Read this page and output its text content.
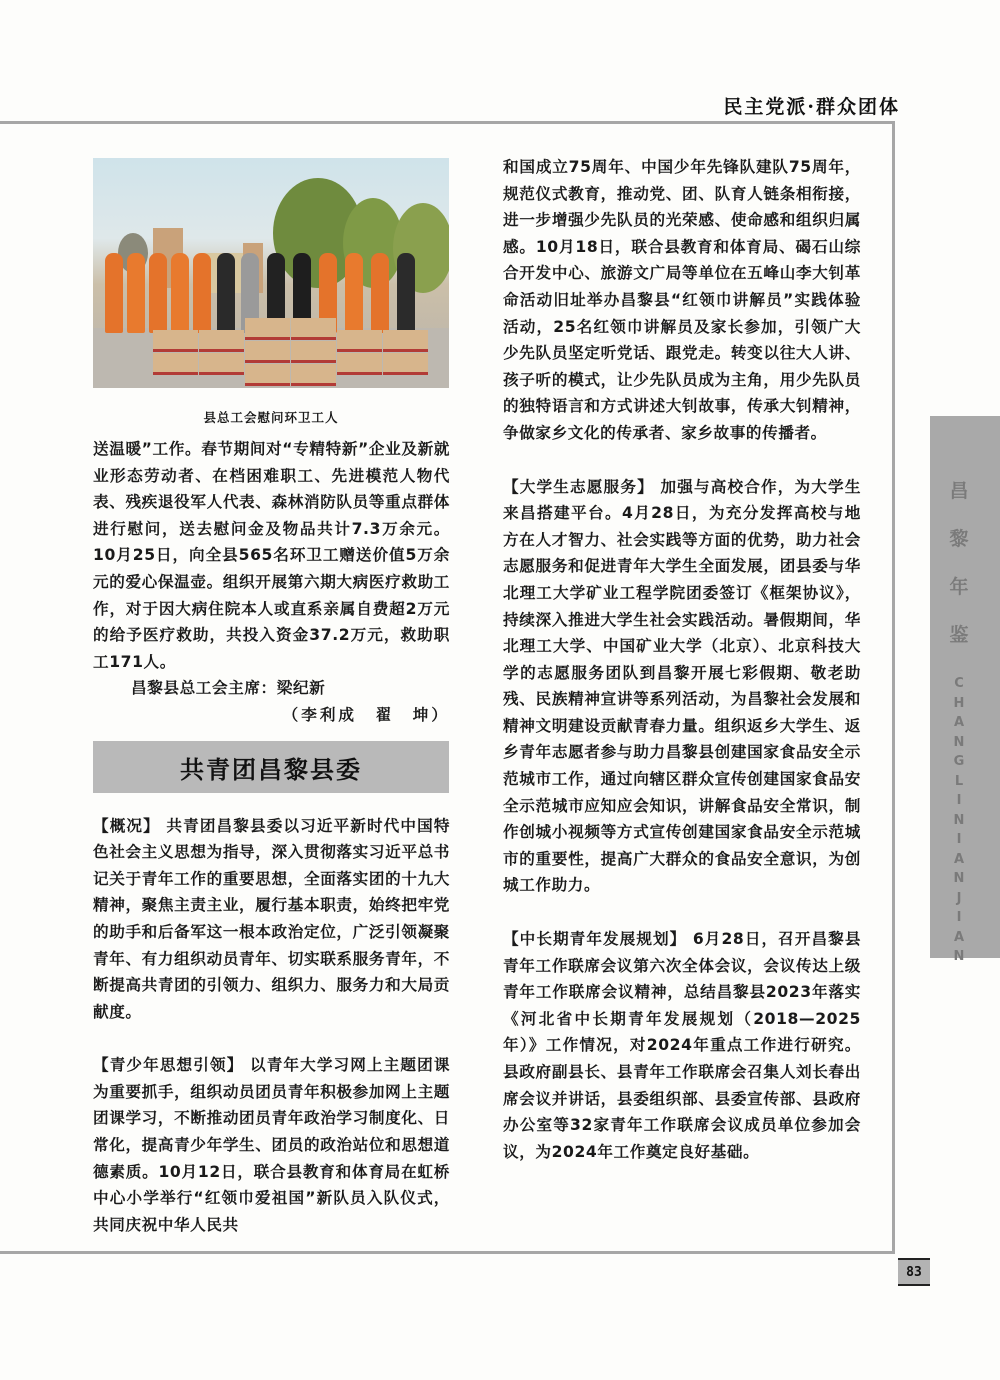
民主党派·群众团体
县总工会慰问环卫工人

送温暖”工作。春节期间对“专精特新”企业及新就业形态劳动者、在档困难职工、先进模范人物代表、残疾退役军人代表、森林消防队员等重点群体进行慰问，送去慰问金及物品共计7.3万余元。10月25日，向全县565名环卫工赠送价值5万余元的爱心保温壶。组织开展第六期大病医疗救助工作，对于因大病住院本人或直系亲属自费超2万元的给予医疗救助，共投入资金37.2万元，救助职工171人。

昌黎县总工会主席：梁纪新

（李利成　翟　坤）

【概况】 共青团昌黎县委以习近平新时代中国特色社会主义思想为指导，深入贯彻落实习近平总书记关于青年工作的重要思想，全面落实团的十九大精神，聚焦主责主业，履行基本职责，始终把牢党的助手和后备军这一根本政治定位，广泛引领凝聚青年、有力组织动员青年、切实联系服务青年，不断提高共青团的引领力、组织力、服务力和大局贡献度。

【青少年思想引领】 以青年大学习网上主题团课为重要抓手，组织动员团员青年积极参加网上主题团课学习，不断推动团员青年政治学习制度化、日常化，提高青少年学生、团员的政治站位和思想道德素质。10月12日，联合县教育和体育局在虹桥中心小学举行“红领巾爱祖国”新队员入队仪式，共同庆祝中华人民共

共青团昌黎县委

和国成立75周年、中国少年先锋队建队75周年，规范仪式教育，推动党、团、队育人链条相衔接，进一步增强少先队员的光荣感、使命感和组织归属感。10月18日，联合县教育和体育局、碣石山综合开发中心、旅游文广局等单位在五峰山李大钊革命活动旧址举办昌黎县“红领巾讲解员”实践体验活动，25名红领巾讲解员及家长参加，引领广大少先队员坚定听党话、跟党走。转变以往大人讲、孩子听的模式，让少先队员成为主角，用少先队员的独特语言和方式讲述大钊故事，传承大钊精神，争做家乡文化的传承者、家乡故事的传播者。

【大学生志愿服务】 加强与高校合作，为大学生来昌搭建平台。4月28日，为充分发挥高校与地方在人才智力、社会实践等方面的优势，助力社会志愿服务和促进青年大学生全面发展，团县委与华北理工大学矿业工程学院团委签订《框架协议》，持续深入推进大学生社会实践活动。暑假期间，华北理工大学、中国矿业大学（北京）、北京科技大学的志愿服务团队到昌黎开展七彩假期、敬老助残、民族精神宣讲等系列活动，为昌黎社会发展和精神文明建设贡献青春力量。组织返乡大学生、返乡青年志愿者参与助力昌黎县创建国家食品安全示范城市工作，通过向辖区群众宣传创建国家食品安全示范城市应知应会知识，讲解食品安全常识，制作创城小视频等方式宣传创建国家食品安全示范城市的重要性，提高广大群众的食品安全意识，为创城工作助力。

【中长期青年发展规划】 6月28日，召开昌黎县青年工作联席会议第六次全体会议，会议传达上级青年工作联席会议精神，总结昌黎县2023年落实《河北省中长期青年发展规划（2018—2025年）》工作情况，对2024年重点工作进行研究。县政府副县长、县青年工作联席会召集人刘长春出席会议并讲话，县委组织部、县委宣传部、县政府办公室等32家青年工作联席会议成员单位参加会议，为2024年工作奠定良好基础。

昌
黎
年
鉴
C
H
A
N
G
L
I
N
I
A
N
J
I
A
N
83
